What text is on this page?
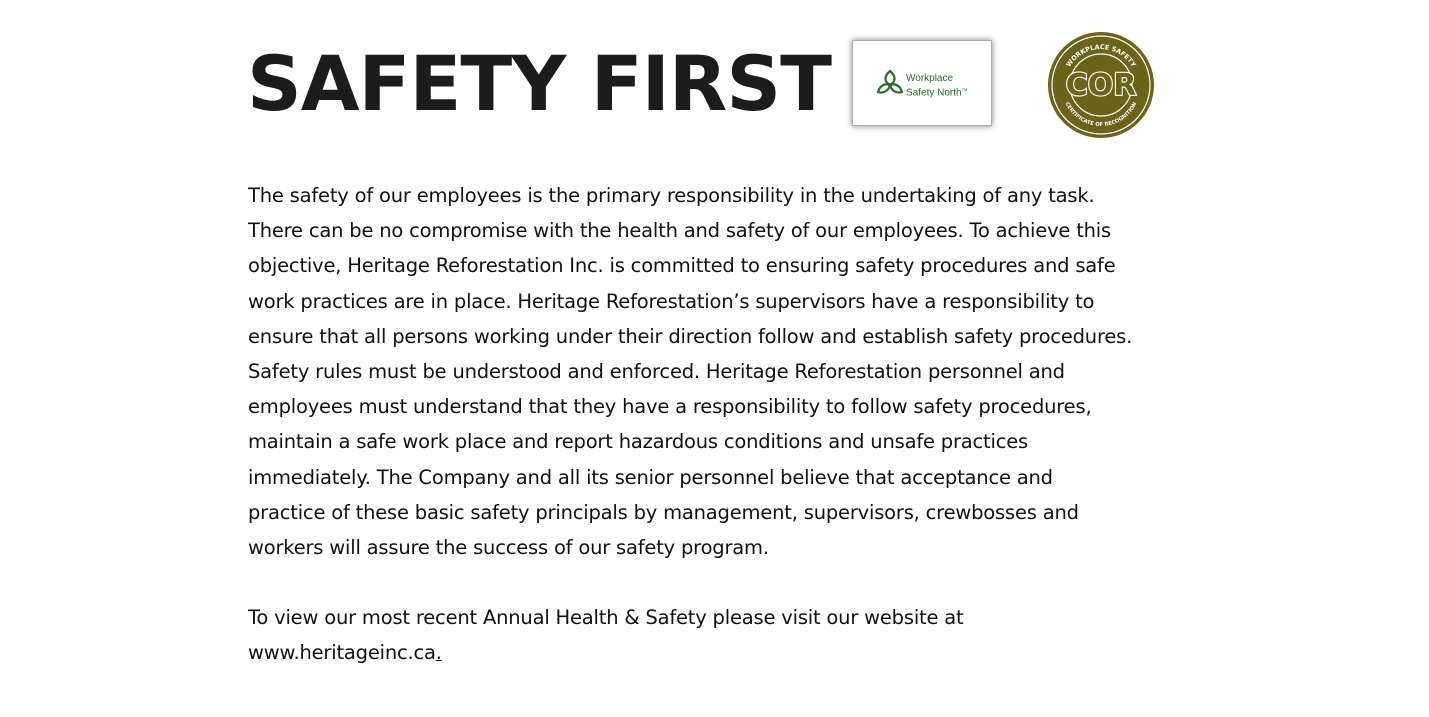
SAFETY FIRST	Workplace
Safety North™
WORKPLACE SAFETY
CERTIFICATE OF RECOGNITION
COR

The safety of our employees is the primary responsibility in the undertaking of any task.
There can be no compromise with the health and safety of our employees. To achieve this
objective, Heritage Reforestation Inc. is committed to ensuring safety procedures and safe
work practices are in place. Heritage Reforestation’s supervisors have a responsibility to
ensure that all persons working under their direction follow and establish safety procedures.
Safety rules must be understood and enforced. Heritage Reforestation personnel and
employees must understand that they have a responsibility to follow safety procedures,
maintain a safe work place and report hazardous conditions and unsafe practices
immediately. The Company and all its senior personnel believe that acceptance and
practice of these basic safety principals by management, supervisors, crewbosses and
workers will assure the success of our safety program.

To view our most recent Annual Health & Safety please visit our website at
www.heritageinc.ca.
